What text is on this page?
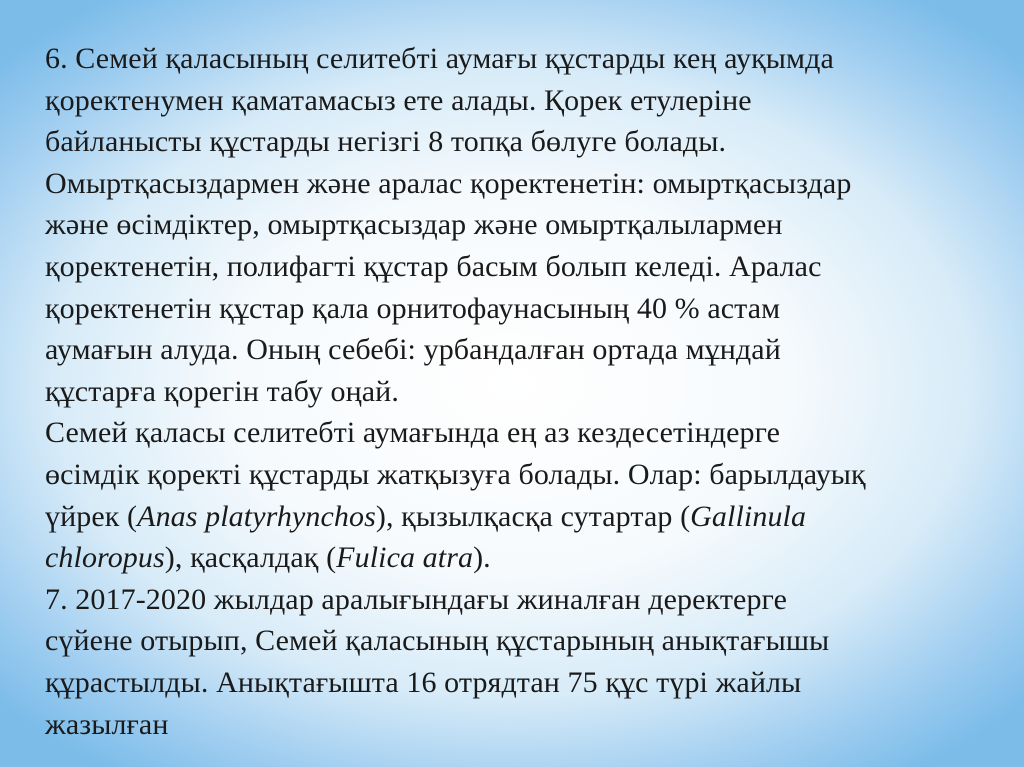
6. Семей қаласының селитебті аумағы құстарды кең ауқымда
қоректенумен қаматамасыз ете алады. Қорек етулеріне
байланысты құстарды негізгі 8 топқа бөлуге болады.
Омыртқасыздармен және аралас қоректенетін: омыртқасыздар
және өсімдіктер, омыртқасыздар және омыртқалылармен
қоректенетін, полифагті құстар басым болып келеді. Аралас
қоректенетін құстар қала орнитофаунасының 40 % астам
аумағын алуда. Оның себебі: урбандалған ортада мұндай
құстарға қорегін табу оңай.
Семей қаласы селитебті аумағында ең аз кездесетіндерге
өсімдік қоректі құстарды жатқызуға болады. Олар: барылдауық
үйрек (Anas platyrhynchos), қызылқасқа сутартар (Gallinula
chloropus), қасқалдақ (Fulica atra).
7. 2017-2020 жылдар аралығындағы жиналған деректерге
сүйене отырып, Семей қаласының құстарының анықтағышы
құрастылды. Анықтағышта 16 отрядтан 75 құс түрі жайлы
жазылған
